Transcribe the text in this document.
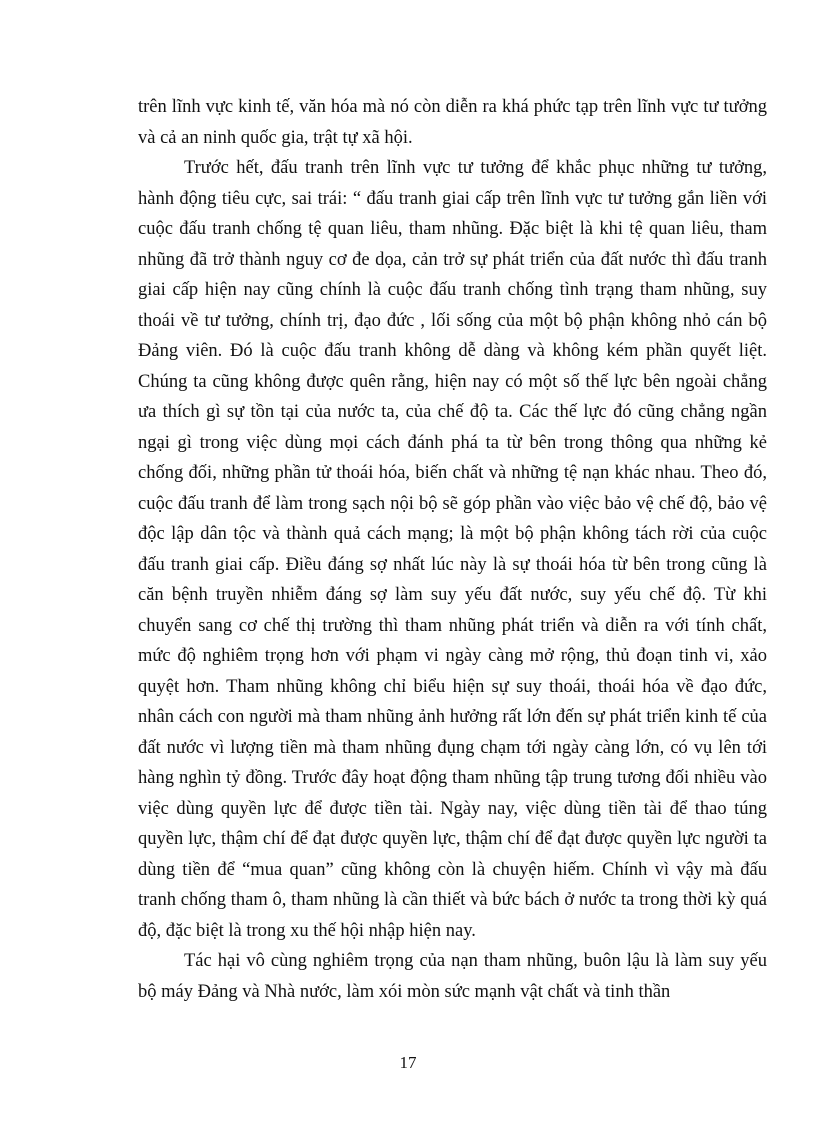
trên lĩnh vực kinh tế, văn hóa mà nó còn diễn ra khá phức tạp trên lĩnh vực tư tưởng và cả an ninh quốc gia, trật tự xã hội.

Trước hết, đấu tranh trên lĩnh vực tư tưởng để khắc phục những tư tưởng, hành động tiêu cực, sai trái: “ đấu tranh giai cấp trên lĩnh vực tư tưởng gắn liền với cuộc đấu tranh chống tệ quan liêu, tham nhũng. Đặc biệt là khi tệ quan liêu, tham nhũng đã trở thành nguy cơ đe dọa, cản trở sự phát triển của đất nước thì đấu tranh giai cấp hiện nay cũng chính là cuộc đấu tranh chống tình trạng tham nhũng, suy thoái về tư tưởng, chính trị, đạo đức , lối sống của một bộ phận không nhỏ cán bộ Đảng viên. Đó là cuộc đấu tranh không dễ dàng và không kém phần quyết liệt. Chúng ta cũng không được quên rằng, hiện nay có một số thế lực bên ngoài chẳng ưa thích gì sự tồn tại của nước ta, của chế độ ta. Các thế lực đó cũng chẳng ngần ngại gì trong việc dùng mọi cách đánh phá ta từ bên trong thông qua những kẻ chống đối, những phần tử thoái hóa, biến chất và những tệ nạn khác nhau. Theo đó, cuộc đấu tranh để làm trong sạch nội bộ sẽ góp phần vào việc bảo vệ chế độ, bảo vệ độc lập dân tộc và thành quả cách mạng; là một bộ phận không tách rời của cuộc đấu tranh giai cấp. Điều đáng sợ nhất lúc này là sự thoái hóa từ bên trong cũng là căn bệnh truyền nhiễm đáng sợ làm suy yếu đất nước, suy yếu chế độ. Từ khi chuyển sang cơ chế thị trường thì tham nhũng phát triển và diễn ra với tính chất, mức độ nghiêm trọng hơn với phạm vi ngày càng mở rộng, thủ đoạn tinh vi, xảo quyệt hơn. Tham nhũng không chỉ biểu hiện sự suy thoái, thoái hóa về đạo đức, nhân cách con người mà tham nhũng ảnh hưởng rất lớn đến sự phát triển kinh tế của đất nước vì lượng tiền mà tham nhũng đụng chạm tới ngày càng lớn, có vụ lên tới hàng nghìn tỷ đồng. Trước đây hoạt động tham nhũng tập trung tương đối nhiều vào việc dùng quyền lực để được tiền tài. Ngày nay, việc dùng tiền tài để thao túng quyền lực, thậm chí để đạt được quyền lực, thậm chí để đạt được quyền lực người ta dùng tiền để “mua quan” cũng không còn là chuyện hiếm. Chính vì vậy mà đấu tranh chống tham ô, tham nhũng là cần thiết và bức bách ở nước ta trong thời kỳ quá độ, đặc biệt là trong xu thế hội nhập hiện nay.

Tác hại vô cùng nghiêm trọng của nạn tham nhũng, buôn lậu là làm suy yếu bộ máy Đảng và Nhà nước, làm xói mòn sức mạnh vật chất và tinh thần

17
